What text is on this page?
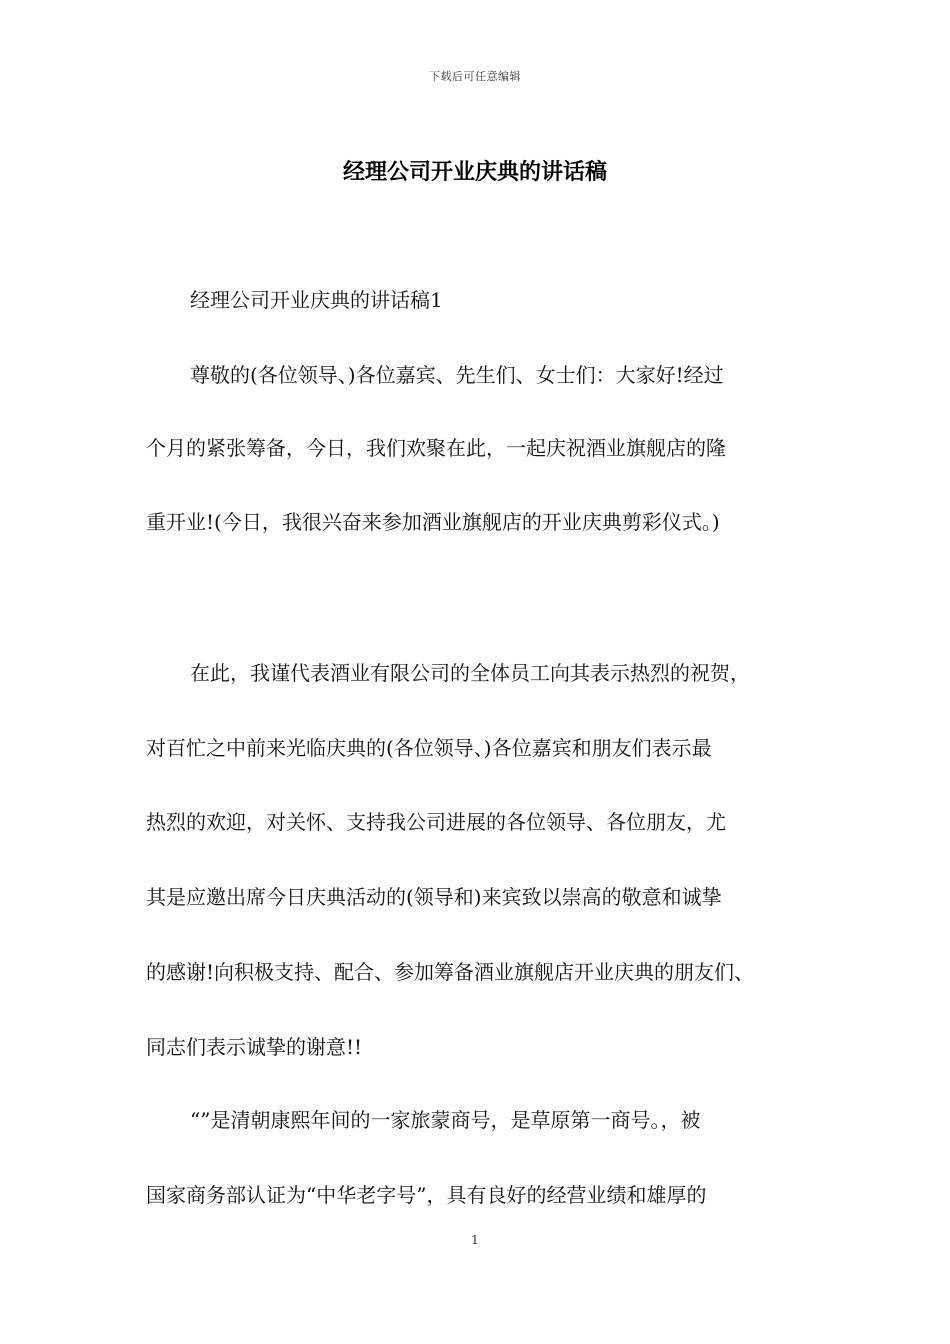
下载后可任意编辑
经理公司开业庆典的讲话稿
经理公司开业庆典的讲话稿1
尊敬的(各位领导、)各位嘉宾、先生们、女士们：大家好!经过
个月的紧张筹备，今日，我们欢聚在此，一起庆祝酒业旗舰店的隆
重开业!(今日，我很兴奋来参加酒业旗舰店的开业庆典剪彩仪式。)
在此，我谨代表酒业有限公司的全体员工向其表示热烈的祝贺，
对百忙之中前来光临庆典的(各位领导、)各位嘉宾和朋友们表示最
热烈的欢迎，对关怀、支持我公司进展的各位领导、各位朋友，尤
其是应邀出席今日庆典活动的(领导和)来宾致以崇高的敬意和诚挚
的感谢!向积极支持、配合、参加筹备酒业旗舰店开业庆典的朋友们、
同志们表示诚挚的谢意!!
“”是清朝康熙年间的一家旅蒙商号，是草原第一商号。，被
国家商务部认证为“中华老字号”，具有良好的经营业绩和雄厚的
1
